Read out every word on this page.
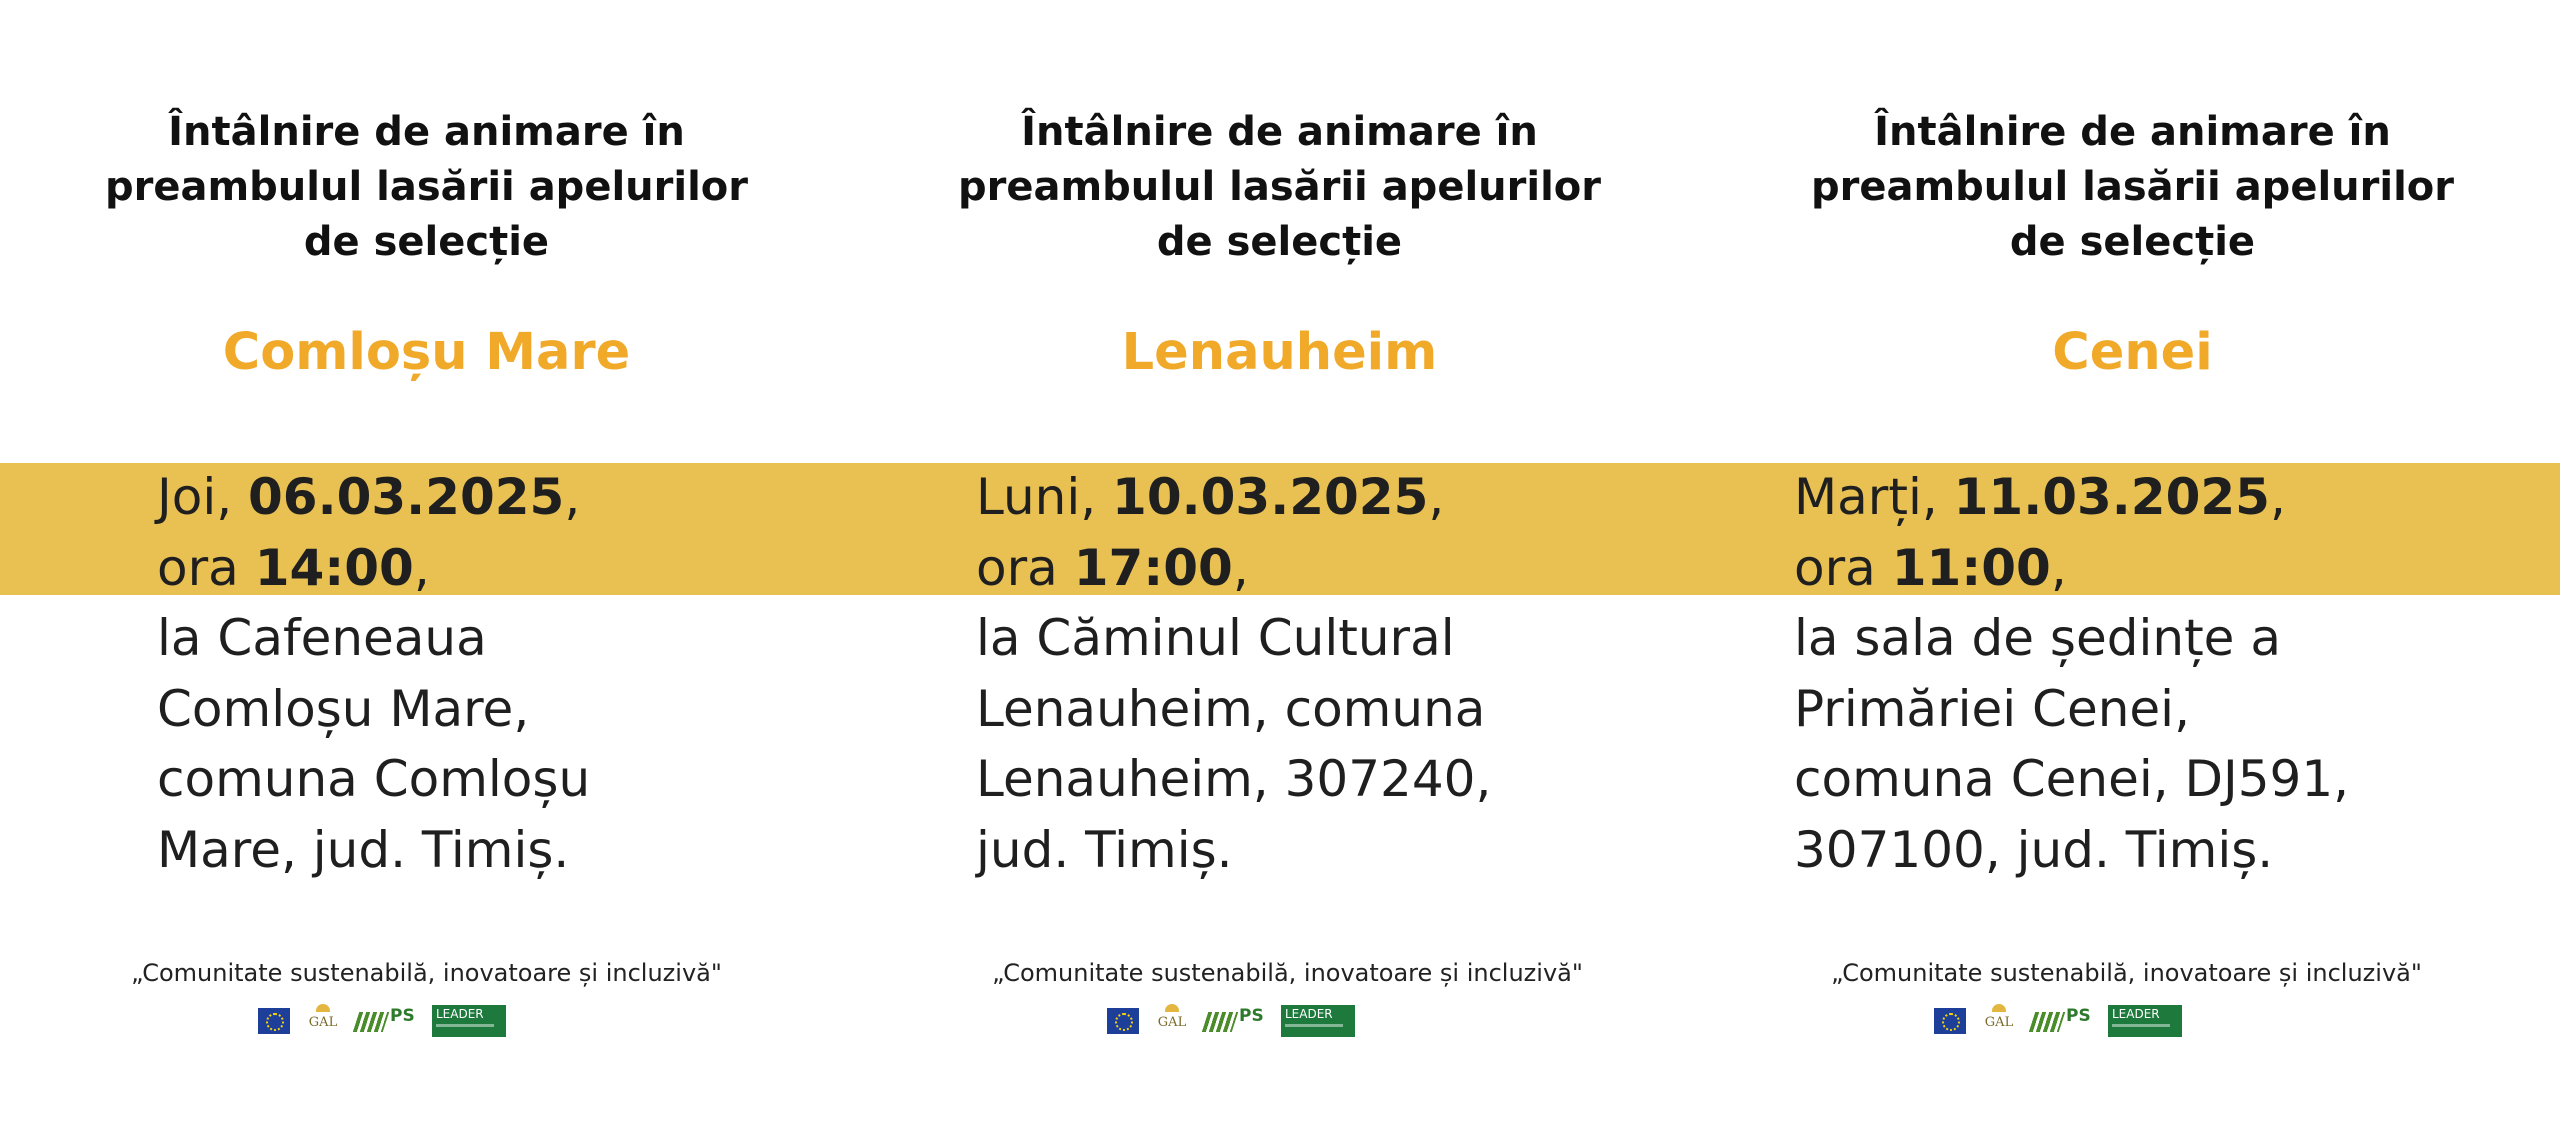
Întâlnire de animare în
preambulul lasării apelurilor
de selecție
Comloșu Mare
Joi, 06.03.2025,
ora 14:00,
la Cafeneaua
Comloșu Mare,
comuna Comloșu
Mare, jud. Timiș.
„Comunitate sustenabilă, inovatoare și incluzivă"
GAL	PS	LEADER
Întâlnire de animare în
preambulul lasării apelurilor
de selecție
Lenauheim
Luni, 10.03.2025,
ora 17:00,
la Căminul Cultural
Lenauheim, comuna
Lenauheim, 307240,
jud. Timiș.
„Comunitate sustenabilă, inovatoare și incluzivă"
GAL	PS	LEADER
Întâlnire de animare în
preambulul lasării apelurilor
de selecție
Cenei
Marți, 11.03.2025,
ora 11:00,
la sala de ședințe a
Primăriei Cenei,
comuna Cenei, DJ591,
307100, jud. Timiș.
„Comunitate sustenabilă, inovatoare și incluzivă"
GAL	PS	LEADER
